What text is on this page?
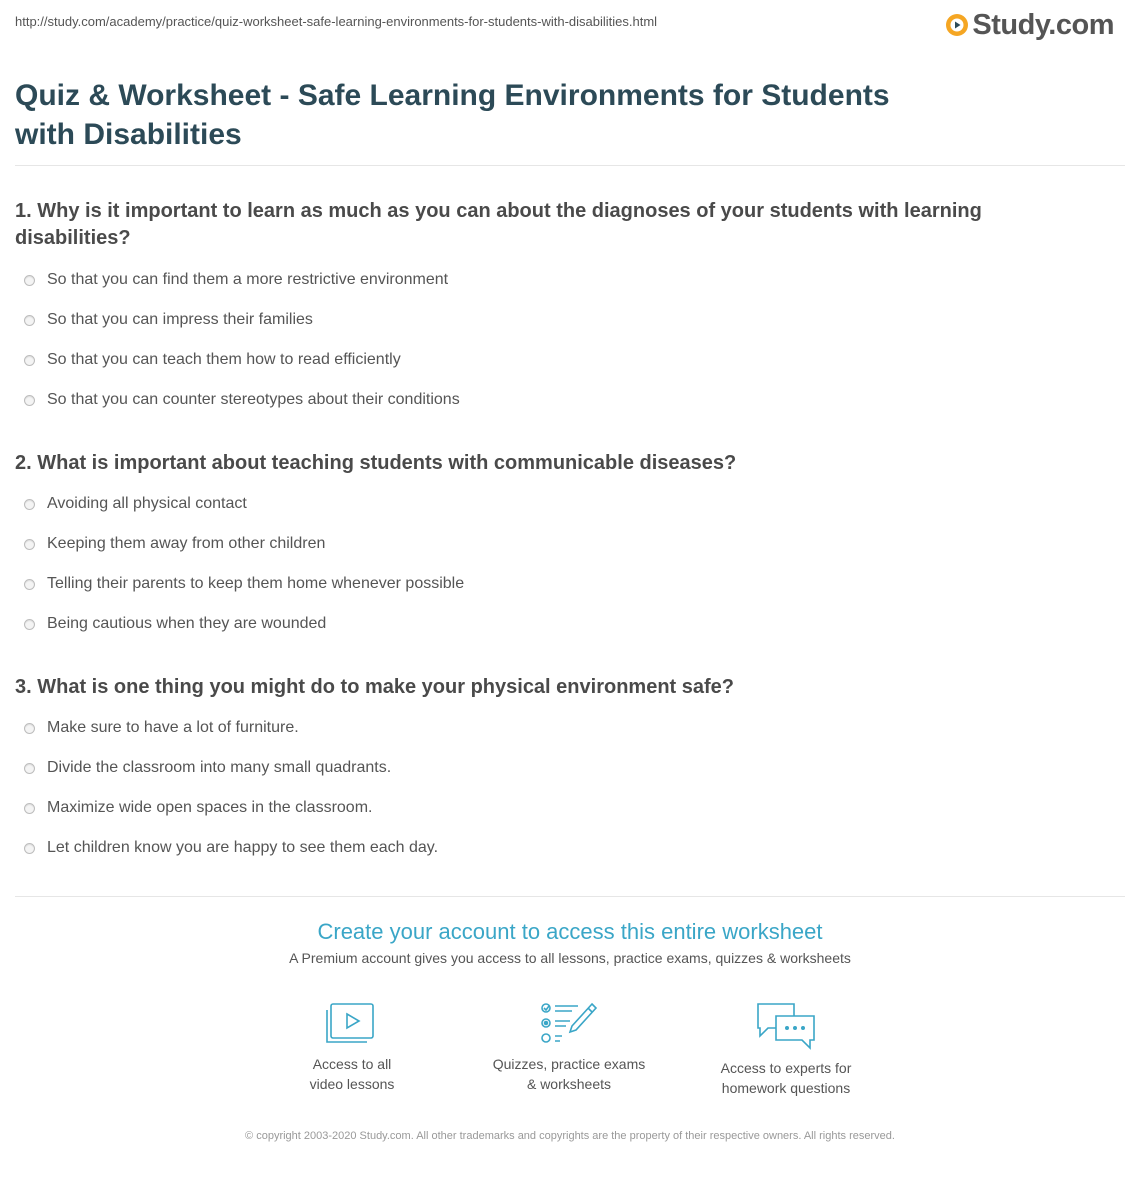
http://study.com/academy/practice/quiz-worksheet-safe-learning-environments-for-students-with-disabilities.html	Study.com
Quiz & Worksheet - Safe Learning Environments for Students with Disabilities
1. Why is it important to learn as much as you can about the diagnoses of your students with learning disabilities?
So that you can find them a more restrictive environment
So that you can impress their families
So that you can teach them how to read efficiently
So that you can counter stereotypes about their conditions
2. What is important about teaching students with communicable diseases?
Avoiding all physical contact
Keeping them away from other children
Telling their parents to keep them home whenever possible
Being cautious when they are wounded
3. What is one thing you might do to make your physical environment safe?
Make sure to have a lot of furniture.
Divide the classroom into many small quadrants.
Maximize wide open spaces in the classroom.
Let children know you are happy to see them each day.
Create your account to access this entire worksheet
A Premium account gives you access to all lessons, practice exams, quizzes & worksheets
Access to all
video lessons
Quizzes, practice exams
& worksheets
Access to experts for
homework questions
© copyright 2003-2020 Study.com. All other trademarks and copyrights are the property of their respective owners. All rights reserved.
